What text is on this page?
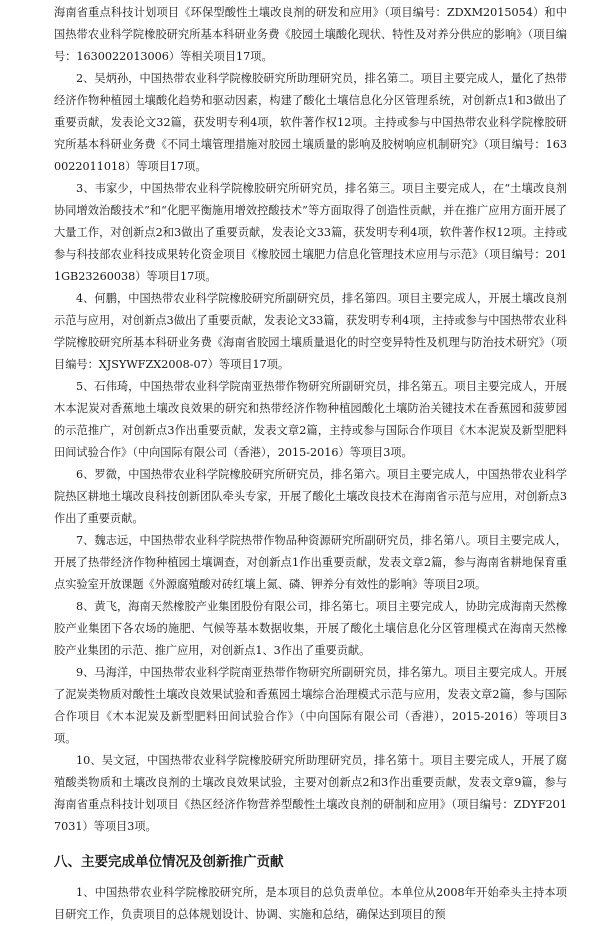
海南省重点科技计划项目《环保型酸性土壤改良剂的研发和应用》（项目编号：ZDXM2015054）和中国热带农业科学院橡胶研究所基本科研业务费《胶园土壤酸化现状、特性及对养分供应的影响》（项目编号：1630022013006）等相关项目17项。

2、吴炳孙，中国热带农业科学院橡胶研究所助理研究员，排名第二。项目主要完成人，量化了热带经济作物种植园土壤酸化趋势和驱动因素，构建了酸化土壤信息化分区管理系统，对创新点1和3做出了重要贡献，发表论文32篇，获发明专利4项，软件著作权12项。主持或参与中国热带农业科学院橡胶研究所基本科研业务费《不同土壤管理措施对胶园土壤质量的影响及胶树响应机制研究》（项目编号：1630022011018）等项目17项。

3、韦家少，中国热带农业科学院橡胶研究所研究员，排名第三。项目主要完成人，在“土壤改良剂协同增效治酸技术”和“化肥平衡施用增效控酸技术”等方面取得了创造性贡献，并在推广应用方面开展了大量工作，对创新点2和3做出了重要贡献，发表论文33篇，获发明专利4项，软件著作权12项。主持或参与科技部农业科技成果转化资金项目《橡胶园土壤肥力信息化管理技术应用与示范》（项目编号：2011GB23260038）等项目17项。

4、何鹏，中国热带农业科学院橡胶研究所副研究员，排名第四。项目主要完成人，开展土壤改良剂示范与应用，对创新点3做出了重要贡献，发表论文33篇，获发明专利4项，主持或参与中国热带农业科学院橡胶研究所基本科研业务费《海南省胶园土壤质量退化的时空变异特性及机理与防治技术研究》（项目编号：XJSYWFZX2008-07）等项目17项。

5、石伟琦，中国热带农业科学院南亚热带作物研究所副研究员，排名第五。项目主要完成人，开展木本泥炭对香蕉地土壤改良效果的研究和热带经济作物种植园酸化土壤防治关键技术在香蕉园和菠萝园的示范推广，对创新点3作出重要贡献，发表文章2篇，主持或参与国际合作项目《木本泥炭及新型肥料田间试验合作》（中向国际有限公司（香港），2015-2016）等项目3项。

6、罗微，中国热带农业科学院橡胶研究所研究员，排名第六。项目主要完成人，中国热带农业科学院热区耕地土壤改良科技创新团队牵头专家，开展了酸化土壤改良技术在海南省示范与应用，对创新点3作出了重要贡献。

7、魏志远，中国热带农业科学院热带作物品种资源研究所副研究员，排名第八。项目主要完成人，开展了热带经济作物种植园土壤调查，对创新点1作出重要贡献，发表文章2篇，参与海南省耕地保育重点实验室开放课题《外源腐殖酸对砖红壤上氮、磷、钾养分有效性的影响》等项目2项。

8、黄飞，海南天然橡胶产业集团股份有限公司，排名第七。项目主要完成人，协助完成海南天然橡胶产业集团下各农场的施肥、气候等基本数据收集，开展了酸化土壤信息化分区管理模式在海南天然橡胶产业集团的示范、推广应用，对创新点1、3作出了重要贡献。

9、马海洋，中国热带农业科学院南亚热带作物研究所副研究员，排名第九。项目主要完成人。开展了泥炭类物质对酸性土壤改良效果试验和香蕉园土壤综合治理模式示范与应用，发表文章2篇，参与国际合作项目《木本泥炭及新型肥料田间试验合作》（中向国际有限公司（香港），2015-2016）等项目3项。

10、吴文冠，中国热带农业科学院橡胶研究所助理研究员，排名第十。项目主要完成人，开展了腐殖酸类物质和土壤改良剂的土壤改良效果试验，主要对创新点2和3作出重要贡献，发表文章9篇，参与海南省重点科技计划项目《热区经济作物营养型酸性土壤改良剂的研制和应用》（项目编号：ZDYF2017031）等项目3项。

八、主要完成单位情况及创新推广贡献

1、中国热带农业科学院橡胶研究所，是本项目的总负责单位。本单位从2008年开始牵头主持本项目研究工作，负责项目的总体规划设计、协调、实施和总结，确保达到项目的预
